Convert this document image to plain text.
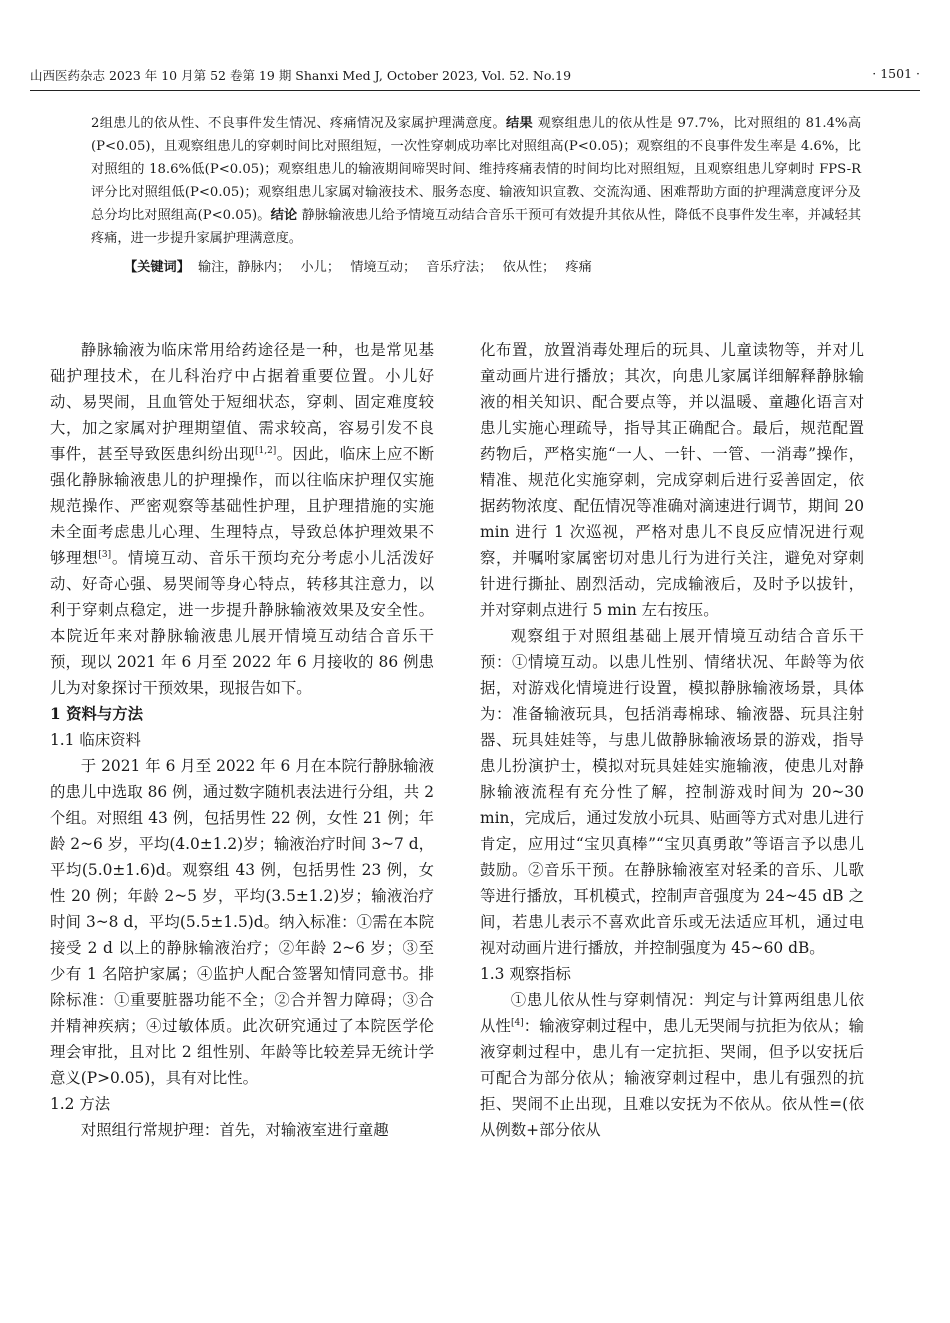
山西医药杂志 2023 年 10 月第 52 卷第 19 期 Shanxi Med J, October 2023, Vol. 52. No.19	· 1501 ·

2组患儿的依从性、不良事件发生情况、疼痛情况及家属护理满意度。结果 观察组患儿的依从性是 97.7%，比对照组的 81.4%高(P<0.05)，且观察组患儿的穿刺时间比对照组短，一次性穿刺成功率比对照组高(P<0.05)；观察组的不良事件发生率是 4.6%，比对照组的 18.6%低(P<0.05)；观察组患儿的输液期间啼哭时间、维持疼痛表情的时间均比对照组短，且观察组患儿穿刺时 FPS-R 评分比对照组低(P<0.05)；观察组患儿家属对输液技术、服务态度、输液知识宣教、交流沟通、困难帮助方面的护理满意度评分及总分均比对照组高(P<0.05)。结论 静脉输液患儿给予情境互动结合音乐干预可有效提升其依从性，降低不良事件发生率，并减轻其疼痛，进一步提升家属护理满意度。

【关键词】 输注，静脉内； 小儿； 情境互动； 音乐疗法； 依从性； 疼痛

静脉输液为临床常用给药途径是一种，也是常见基础护理技术，在儿科治疗中占据着重要位置。小儿好动、易哭闹，且血管处于短细状态，穿刺、固定难度较大，加之家属对护理期望值、需求较高，容易引发不良事件，甚至导致医患纠纷出现[1,2]。因此，临床上应不断强化静脉输液患儿的护理操作，而以往临床护理仅实施规范操作、严密观察等基础性护理，且护理措施的实施未全面考虑患儿心理、生理特点，导致总体护理效果不够理想[3]。情境互动、音乐干预均充分考虑小儿活泼好动、好奇心强、易哭闹等身心特点，转移其注意力，以利于穿刺点稳定，进一步提升静脉输液效果及安全性。本院近年来对静脉输液患儿展开情境互动结合音乐干预，现以 2021 年 6 月至 2022 年 6 月接收的 86 例患儿为对象探讨干预效果，现报告如下。

1 资料与方法
1.1 临床资料

于 2021 年 6 月至 2022 年 6 月在本院行静脉输液的患儿中选取 86 例，通过数字随机表法进行分组，共 2 个组。对照组 43 例，包括男性 22 例，女性 21 例；年龄 2~6 岁，平均(4.0±1.2)岁；输液治疗时间 3~7 d，平均(5.0±1.6)d。观察组 43 例，包括男性 23 例，女性 20 例；年龄 2~5 岁，平均(3.5±1.2)岁；输液治疗时间 3~8 d，平均(5.5±1.5)d。纳入标准：①需在本院接受 2 d 以上的静脉输液治疗；②年龄 2~6 岁；③至少有 1 名陪护家属；④监护人配合签署知情同意书。排除标准：①重要脏器功能不全；②合并智力障碍；③合并精神疾病；④过敏体质。此次研究通过了本院医学伦理会审批，且对比 2 组性别、年龄等比较差异无统计学意义(P>0.05)，具有对比性。

1.2 方法

对照组行常规护理：首先，对输液室进行童趣

化布置，放置消毒处理后的玩具、儿童读物等，并对儿童动画片进行播放；其次，向患儿家属详细解释静脉输液的相关知识、配合要点等，并以温暖、童趣化语言对患儿实施心理疏导，指导其正确配合。最后，规范配置药物后，严格实施“一人、一针、一管、一消毒”操作，精准、规范化实施穿刺，完成穿刺后进行妥善固定，依据药物浓度、配伍情况等准确对滴速进行调节，期间 20 min 进行 1 次巡视，严格对患儿不良反应情况进行观察，并嘱咐家属密切对患儿行为进行关注，避免对穿刺针进行撕扯、剧烈活动，完成输液后，及时予以拔针，并对穿刺点进行 5 min 左右按压。

观察组于对照组基础上展开情境互动结合音乐干预：①情境互动。以患儿性别、情绪状况、年龄等为依据，对游戏化情境进行设置，模拟静脉输液场景，具体为：准备输液玩具，包括消毒棉球、输液器、玩具注射器、玩具娃娃等，与患儿做静脉输液场景的游戏，指导患儿扮演护士，模拟对玩具娃娃实施输液，使患儿对静脉输液流程有充分性了解，控制游戏时间为 20~30 min，完成后，通过发放小玩具、贴画等方式对患儿进行肯定，应用过“宝贝真棒”“宝贝真勇敢”等语言予以患儿鼓励。②音乐干预。在静脉输液室对轻柔的音乐、儿歌等进行播放，耳机模式，控制声音强度为 24~45 dB 之间，若患儿表示不喜欢此音乐或无法适应耳机，通过电视对动画片进行播放，并控制强度为 45~60 dB。

1.3 观察指标

①患儿依从性与穿刺情况：判定与计算两组患儿依从性[4]：输液穿刺过程中，患儿无哭闹与抗拒为依从；输液穿刺过程中，患儿有一定抗拒、哭闹，但予以安抚后可配合为部分依从；输液穿刺过程中，患儿有强烈的抗拒、哭闹不止出现，且难以安抚为不依从。依从性=(依从例数+部分依从
